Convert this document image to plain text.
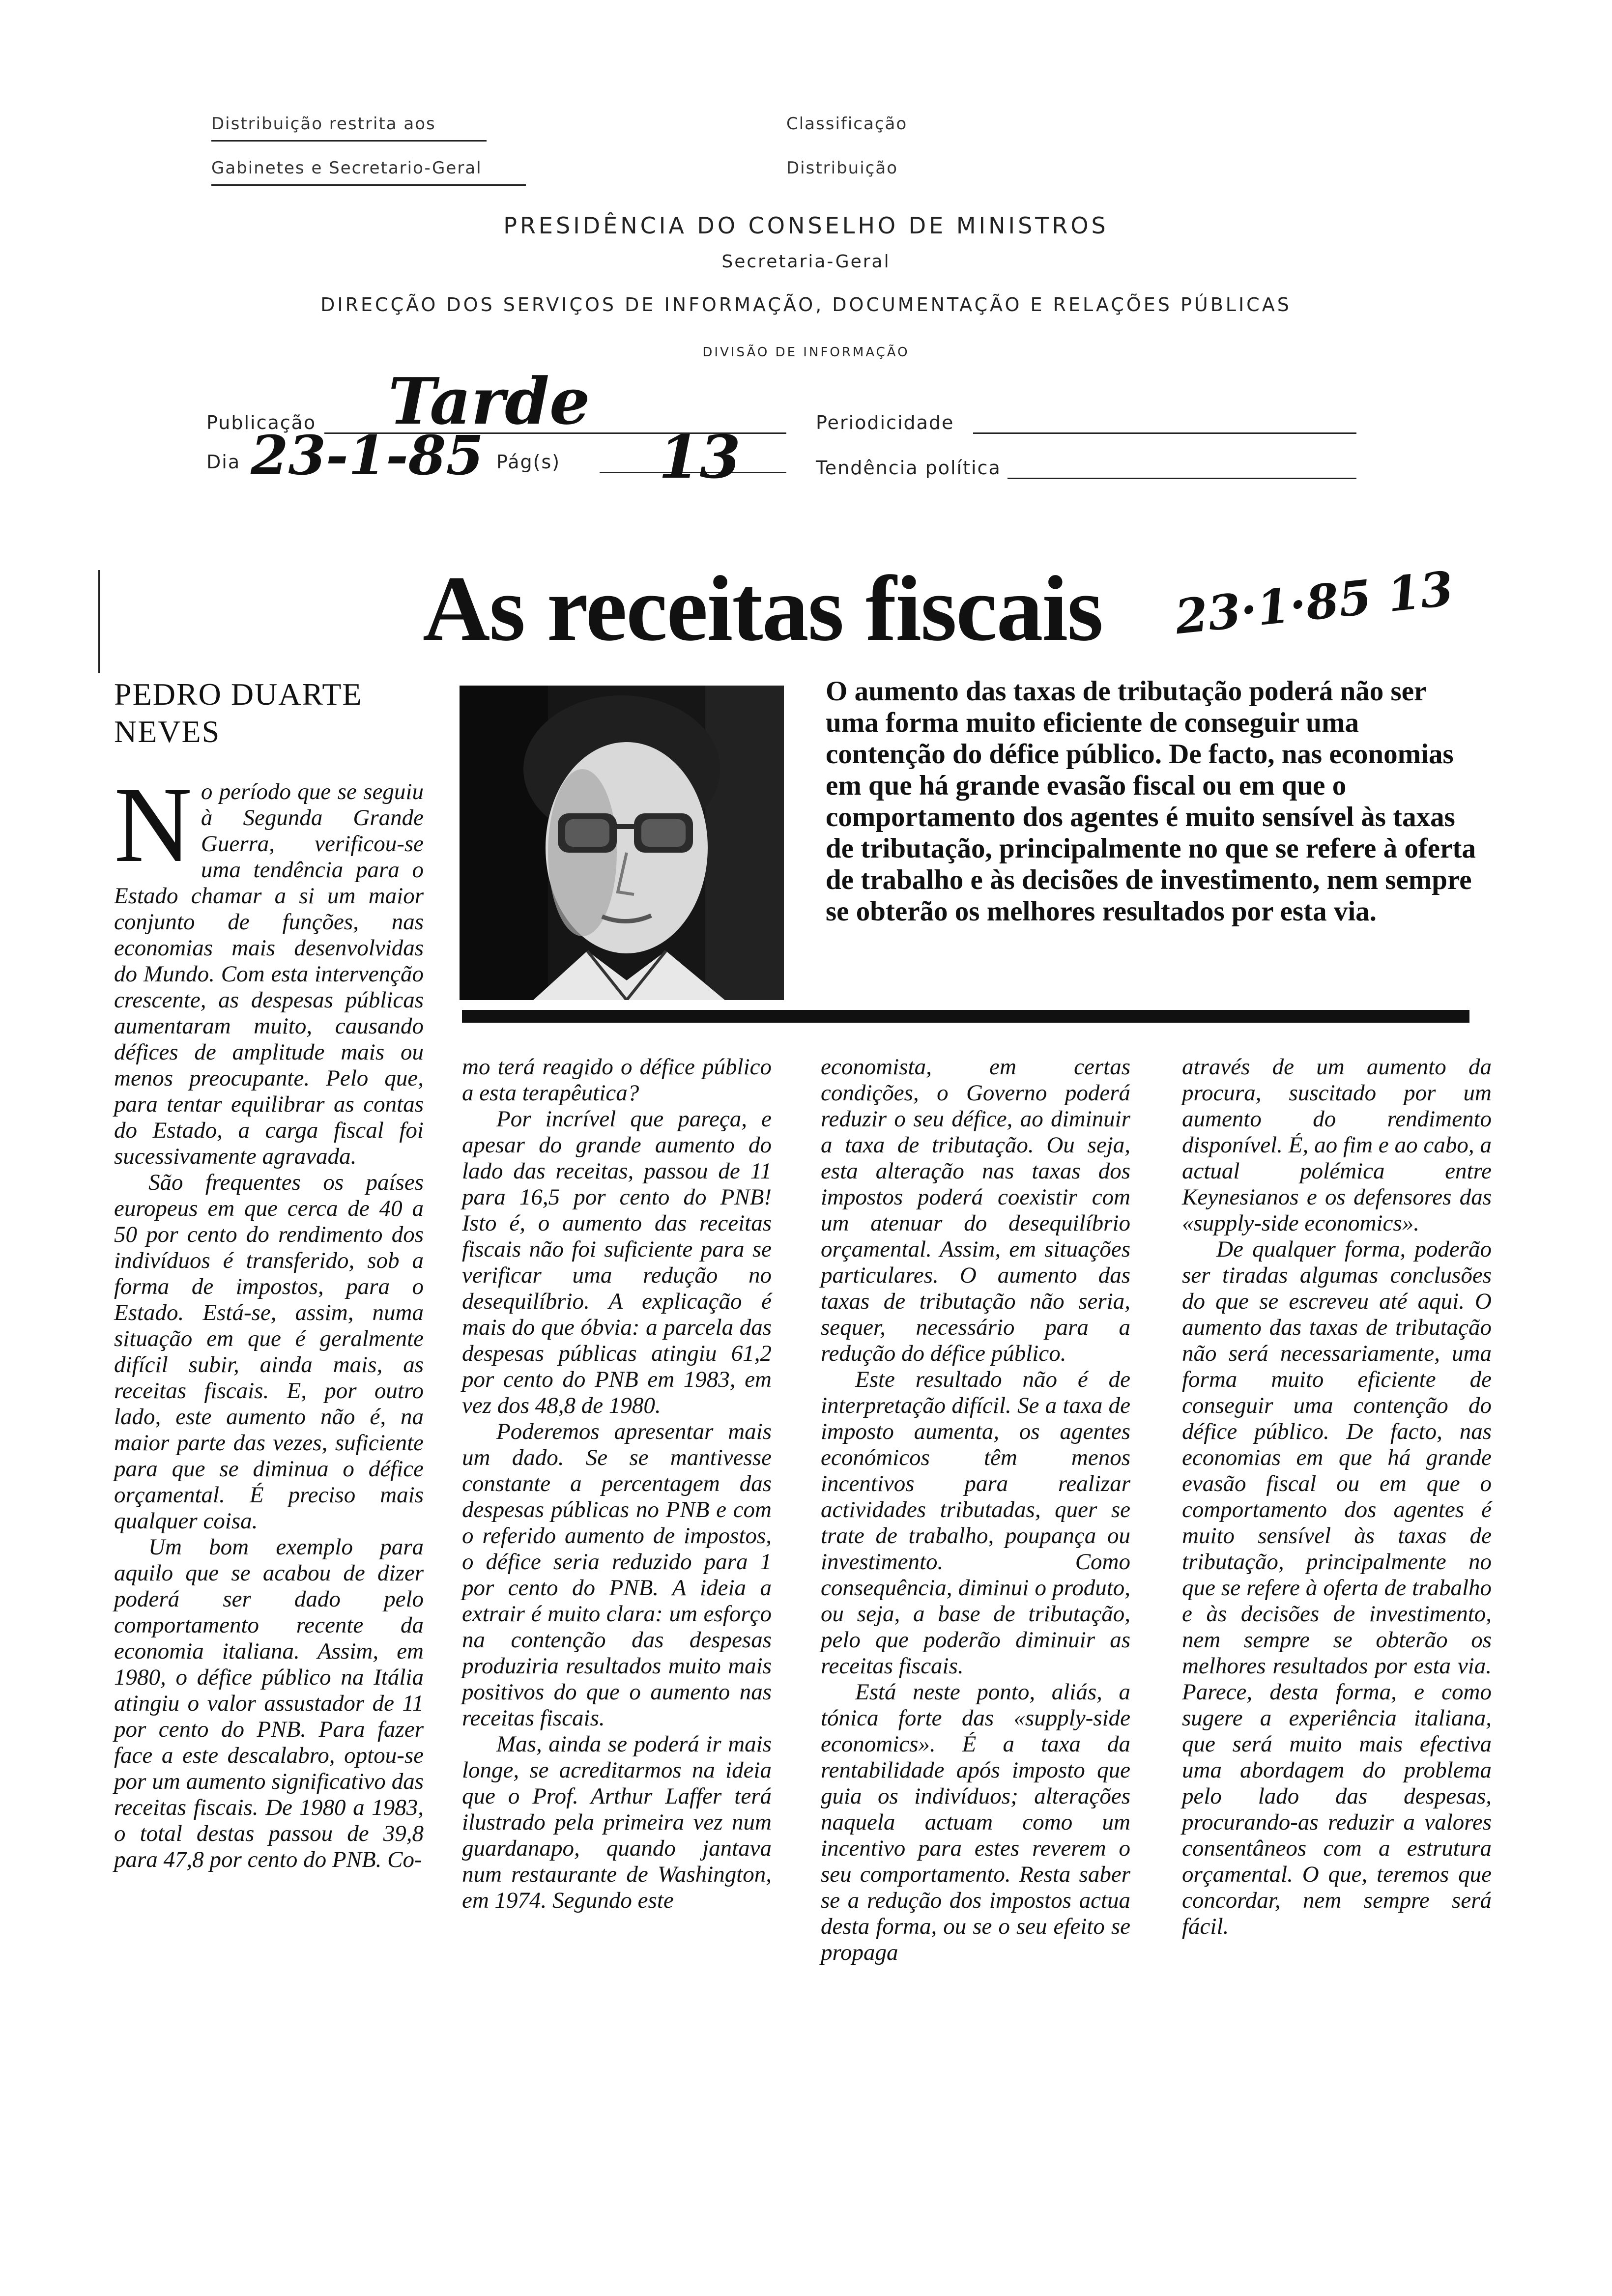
Distribuição restrita aos
Gabinetes e Secretario-Geral
Classificação
Distribuição
PRESIDÊNCIA DO CONSELHO DE MINISTROS
Secretaria-Geral
DIRECÇÃO DOS SERVIÇOS DE INFORMAÇÃO, DOCUMENTAÇÃO E RELAÇÕES PÚBLICAS
DIVISÃO DE INFORMAÇÃO
Publicação Tarde	Periodicidade
Dia 23-1-85 Pág(s) 13	Tendência política
As receitas fiscais 23·1·85 13
PEDRO DUARTE NEVES
O aumento das taxas de tributação poderá não ser uma forma muito eficiente de conseguir uma contenção do défice público. De facto, nas economias em que há grande evasão fiscal ou em que o comportamento dos agentes é muito sensível às taxas de tributação, principalmente no que se refere à oferta de trabalho e às decisões de investimento, nem sempre se obterão os melhores resultados por esta via.

No período que se seguiu à Segunda Grande Guerra, verificou-se uma tendência para o Estado chamar a si um maior conjunto de funções, nas economias mais desenvolvidas do Mundo. Com esta intervenção crescente, as despesas públicas aumentaram muito, causando défices de amplitude mais ou menos preocupante. Pelo que, para tentar equilibrar as contas do Estado, a carga fiscal foi sucessivamente agravada.

São frequentes os países europeus em que cerca de 40 a 50 por cento do rendimento dos indivíduos é transferido, sob a forma de impostos, para o Estado. Está-se, assim, numa situação em que é geralmente difícil subir, ainda mais, as receitas fiscais. E, por outro lado, este aumento não é, na maior parte das vezes, suficiente para que se diminua o défice orçamental. É preciso mais qualquer coisa.

Um bom exemplo para aquilo que se acabou de dizer poderá ser dado pelo comportamento recente da economia italiana. Assim, em 1980, o défice público na Itália atingiu o valor assustador de 11 por cento do PNB. Para fazer face a este descalabro, optou-se por um aumento significativo das receitas fiscais. De 1980 a 1983, o total destas passou de 39,8 para 47,8 por cento do PNB. Co-

mo terá reagido o défice público a esta terapêutica?

Por incrível que pareça, e apesar do grande aumento do lado das receitas, passou de 11 para 16,5 por cento do PNB! Isto é, o aumento das receitas fiscais não foi suficiente para se verificar uma redução no desequilíbrio. A explicação é mais do que óbvia: a parcela das despesas públicas atingiu 61,2 por cento do PNB em 1983, em vez dos 48,8 de 1980.

Poderemos apresentar mais um dado. Se se mantivesse constante a percentagem das despesas públicas no PNB e com o referido aumento de impostos, o défice seria reduzido para 1 por cento do PNB. A ideia a extrair é muito clara: um esforço na contenção das despesas produziria resultados muito mais positivos do que o aumento nas receitas fiscais.

Mas, ainda se poderá ir mais longe, se acreditarmos na ideia que o Prof. Arthur Laffer terá ilustrado pela primeira vez num guardanapo, quando jantava num restaurante de Washington, em 1974. Segundo este

economista, em certas condições, o Governo poderá reduzir o seu défice, ao diminuir a taxa de tributação. Ou seja, esta alteração nas taxas dos impostos poderá coexistir com um atenuar do desequilíbrio orçamental. Assim, em situações particulares. O aumento das taxas de tributação não seria, sequer, necessário para a redução do défice público.

Este resultado não é de interpretação difícil. Se a taxa de imposto aumenta, os agentes económicos têm menos incentivos para realizar actividades tributadas, quer se trate de trabalho, poupança ou investimento. Como consequência, diminui o produto, ou seja, a base de tributação, pelo que poderão diminuir as receitas fiscais.

Está neste ponto, aliás, a tónica forte das «supply-side economics». É a taxa da rentabilidade após imposto que guia os indivíduos; alterações naquela actuam como um incentivo para estes reverem o seu comportamento. Resta saber se a redução dos impostos actua desta forma, ou se o seu efeito se propaga

através de um aumento da procura, suscitado por um aumento do rendimento disponível. É, ao fim e ao cabo, a actual polémica entre Keynesianos e os defensores das «supply-side economics».

De qualquer forma, poderão ser tiradas algumas conclusões do que se escreveu até aqui. O aumento das taxas de tributação não será necessariamente, uma forma muito eficiente de conseguir uma contenção do défice público. De facto, nas economias em que há grande evasão fiscal ou em que o comportamento dos agentes é muito sensível às taxas de tributação, principalmente no que se refere à oferta de trabalho e às decisões de investimento, nem sempre se obterão os melhores resultados por esta via. Parece, desta forma, e como sugere a experiência italiana, que será muito mais efectiva uma abordagem do problema pelo lado das despesas, procurando-as reduzir a valores consentâneos com a estrutura orçamental. O que, teremos que concordar, nem sempre será fácil.
